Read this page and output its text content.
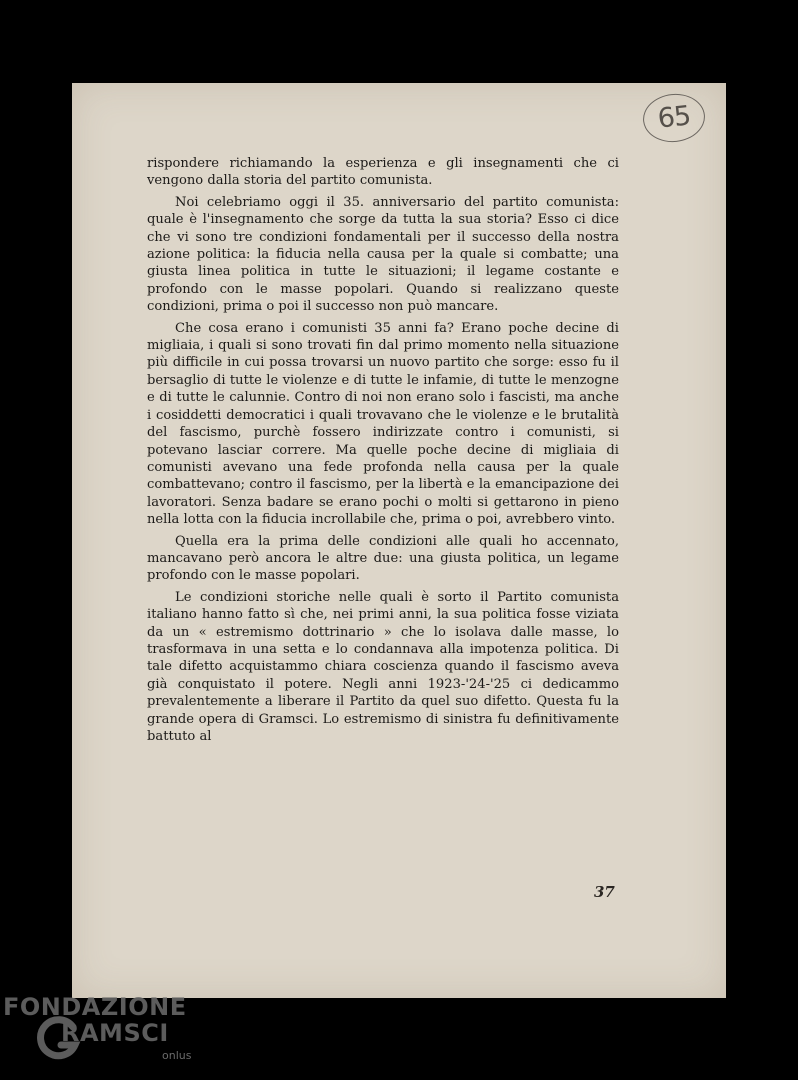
65

rispondere richiamando la esperienza e gli insegnamenti che ci vengono dalla storia del partito comunista.

Noi celebriamo oggi il 35. anniversario del partito comunista: quale è l'insegnamento che sorge da tutta la sua storia? Esso ci dice che vi sono tre condizioni fondamentali per il successo della nostra azione politica: la fiducia nella causa per la quale si combatte; una giusta linea politica in tutte le situazioni; il legame costante e profondo con le masse popolari. Quando si realizzano queste condizioni, prima o poi il successo non può mancare.

Che cosa erano i comunisti 35 anni fa? Erano poche decine di migliaia, i quali si sono trovati fin dal primo momento nella situazione più difficile in cui possa trovarsi un nuovo partito che sorge: esso fu il bersaglio di tutte le violenze e di tutte le infamie, di tutte le menzogne e di tutte le calunnie. Contro di noi non erano solo i fascisti, ma anche i cosiddetti democratici i quali trovavano che le violenze e le brutalità del fascismo, purchè fossero indirizzate contro i comunisti, si potevano lasciar correre. Ma quelle poche decine di migliaia di comunisti avevano una fede profonda nella causa per la quale combattevano; contro il fascismo, per la libertà e la emancipazione dei lavoratori. Senza badare se erano pochi o molti si gettarono in pieno nella lotta con la fiducia incrollabile che, prima o poi, avrebbero vinto.

Quella era la prima delle condizioni alle quali ho accennato, mancavano però ancora le altre due: una giusta politica, un legame profondo con le masse popolari.

Le condizioni storiche nelle quali è sorto il Partito comunista italiano hanno fatto sì che, nei primi anni, la sua politica fosse viziata da un « estremismo dottrinario » che lo isolava dalle masse, lo trasformava in una setta e lo condannava alla impotenza politica. Di tale difetto acquistammo chiara coscienza quando il fascismo aveva già conquistato il potere. Negli anni 1923-'24-'25 ci dedicammo prevalentemente a liberare il Partito da quel suo difetto. Questa fu la grande opera di Gramsci. Lo estremismo di sinistra fu definitivamente battuto al

37
FONDAZIONE
RAMSCI
onlus
